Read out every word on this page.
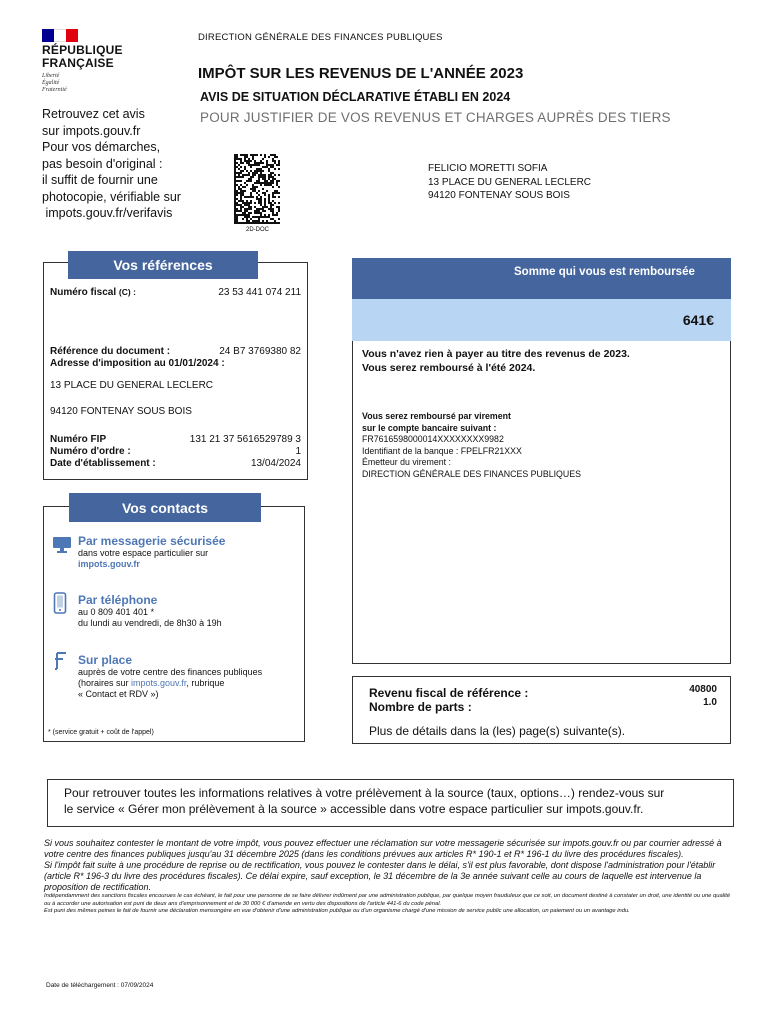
RÉPUBLIQUE
FRANÇAISE
Liberté
Égalité
Fraternité
DIRECTION GÉNÉRALE DES FINANCES PUBLIQUES
IMPÔT SUR LES REVENUS DE L'ANNÉE 2023
AVIS DE SITUATION DÉCLARATIVE ÉTABLI EN 2024
POUR JUSTIFIER DE VOS REVENUS ET CHARGES AUPRÈS DES TIERS
Retrouvez cet avis
sur impots.gouv.fr
Pour vos démarches,
pas besoin d'original :
il suffit de fournir une
photocopie, vérifiable sur
impots.gouv.fr/verifavis
2D-DOC
FELICIO MORETTI SOFIA
13 PLACE DU GENERAL LECLERC
94120 FONTENAY SOUS BOIS
Vos références
Numéro fiscal (C) :	23 53 441 074 211
Référence du document :	24 B7 3769380 82
Adresse d'imposition au 01/01/2024 :
13 PLACE DU GENERAL LECLERC
94120 FONTENAY SOUS BOIS
Numéro FIP	131 21 37 5616529789 3
Numéro d'ordre :	1
Date d'établissement :	13/04/2024
Vos contacts
Par messagerie sécurisée
dans votre espace particulier sur
impots.gouv.fr
Par téléphone
au 0 809 401 401 *
du lundi au vendredi, de 8h30 à 19h
Sur place
auprès de votre centre des finances publiques
(horaires sur impots.gouv.fr, rubrique
« Contact et RDV »)
* (service gratuit + coût de l'appel)
Somme qui vous est remboursée
641€
Vous n'avez rien à payer au titre des revenus de 2023.
Vous serez remboursé à l'été 2024.
Vous serez remboursé par virement
sur le compte bancaire suivant :
FR7616598000014XXXXXXXX9982
Identifiant de la banque : FPELFR21XXX
Émetteur du virement :
DIRECTION GÉNÉRALE DES FINANCES PUBLIQUES
Revenu fiscal de référence :	40800
Nombre de parts :	1.0
Plus de détails dans la (les) page(s) suivante(s).
Pour retrouver toutes les informations relatives à votre prélèvement à la source (taux, options…) rendez-vous sur
le service « Gérer mon prélèvement à la source » accessible dans votre espace particulier sur impots.gouv.fr.
Si vous souhaitez contester le montant de votre impôt, vous pouvez effectuer une réclamation sur votre messagerie sécurisée sur impots.gouv.fr ou par courrier adressé à votre centre des finances publiques jusqu'au 31 décembre 2025 (dans les conditions prévues aux articles R* 190-1 et R* 196-1 du livre des procédures fiscales).
Si l'impôt fait suite à une procédure de reprise ou de rectification, vous pouvez le contester dans le délai, s'il est plus favorable, dont dispose l'administration pour l'établir (article R* 196-3 du livre des procédures fiscales). Ce délai expire, sauf exception, le 31 décembre de la 3e année suivant celle au cours de laquelle est intervenue la proposition de rectification.
Indépendamment des sanctions fiscales encourues le cas échéant, le fait pour une personne de se faire délivrer indûment par une administration publique, par quelque moyen frauduleux que ce soit, un document destiné à constater un droit, une identité ou une qualité ou à accorder une autorisation est puni de deux ans d'emprisonnement et de 30 000 € d'amende en vertu des dispositions de l'article 441-6 du code pénal.
Est puni des mêmes peines le fait de fournir une déclaration mensongère en vue d'obtenir d'une administration publique ou d'un organisme chargé d'une mission de service public une allocation, un paiement ou un avantage indu.
Date de téléchargement : 07/09/2024
